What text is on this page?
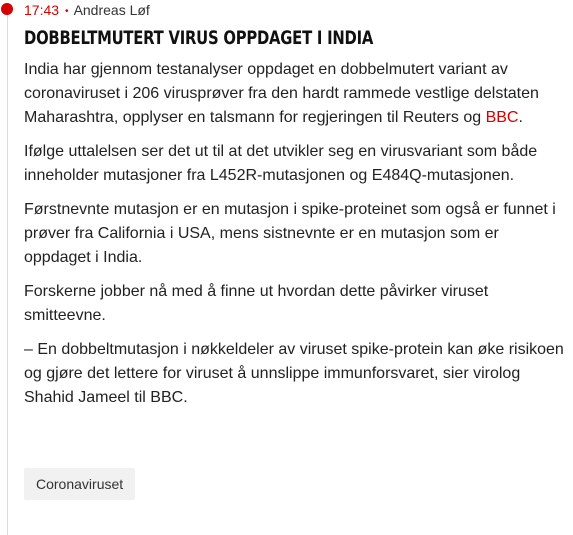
17:43 • Andreas Løf
DOBBELTMUTERT VIRUS OPPDAGET I INDIA

India har gjennom testanalyser oppdaget en dobbelmutert variant av coronaviruset i 206 virusprøver fra den hardt rammede vestlige delstaten Maharashtra, opplyser en talsmann for regjeringen til Reuters og BBC.

Ifølge uttalelsen ser det ut til at det utvikler seg en virusvariant som både inneholder mutasjoner fra L452R-mutasjonen og E484Q-mutasjonen.

Førstnevnte mutasjon er en mutasjon i spike-proteinet som også er funnet i prøver fra California i USA, mens sistnevnte er en mutasjon som er oppdaget i India.

Forskerne jobber nå med å finne ut hvordan dette påvirker viruset smitteevne.

– En dobbeltmutasjon i nøkkeldeler av viruset spike-protein kan øke risikoen og gjøre det lettere for viruset å unnslippe immunforsvaret, sier virolog Shahid Jameel til BBC.

Coronaviruset
